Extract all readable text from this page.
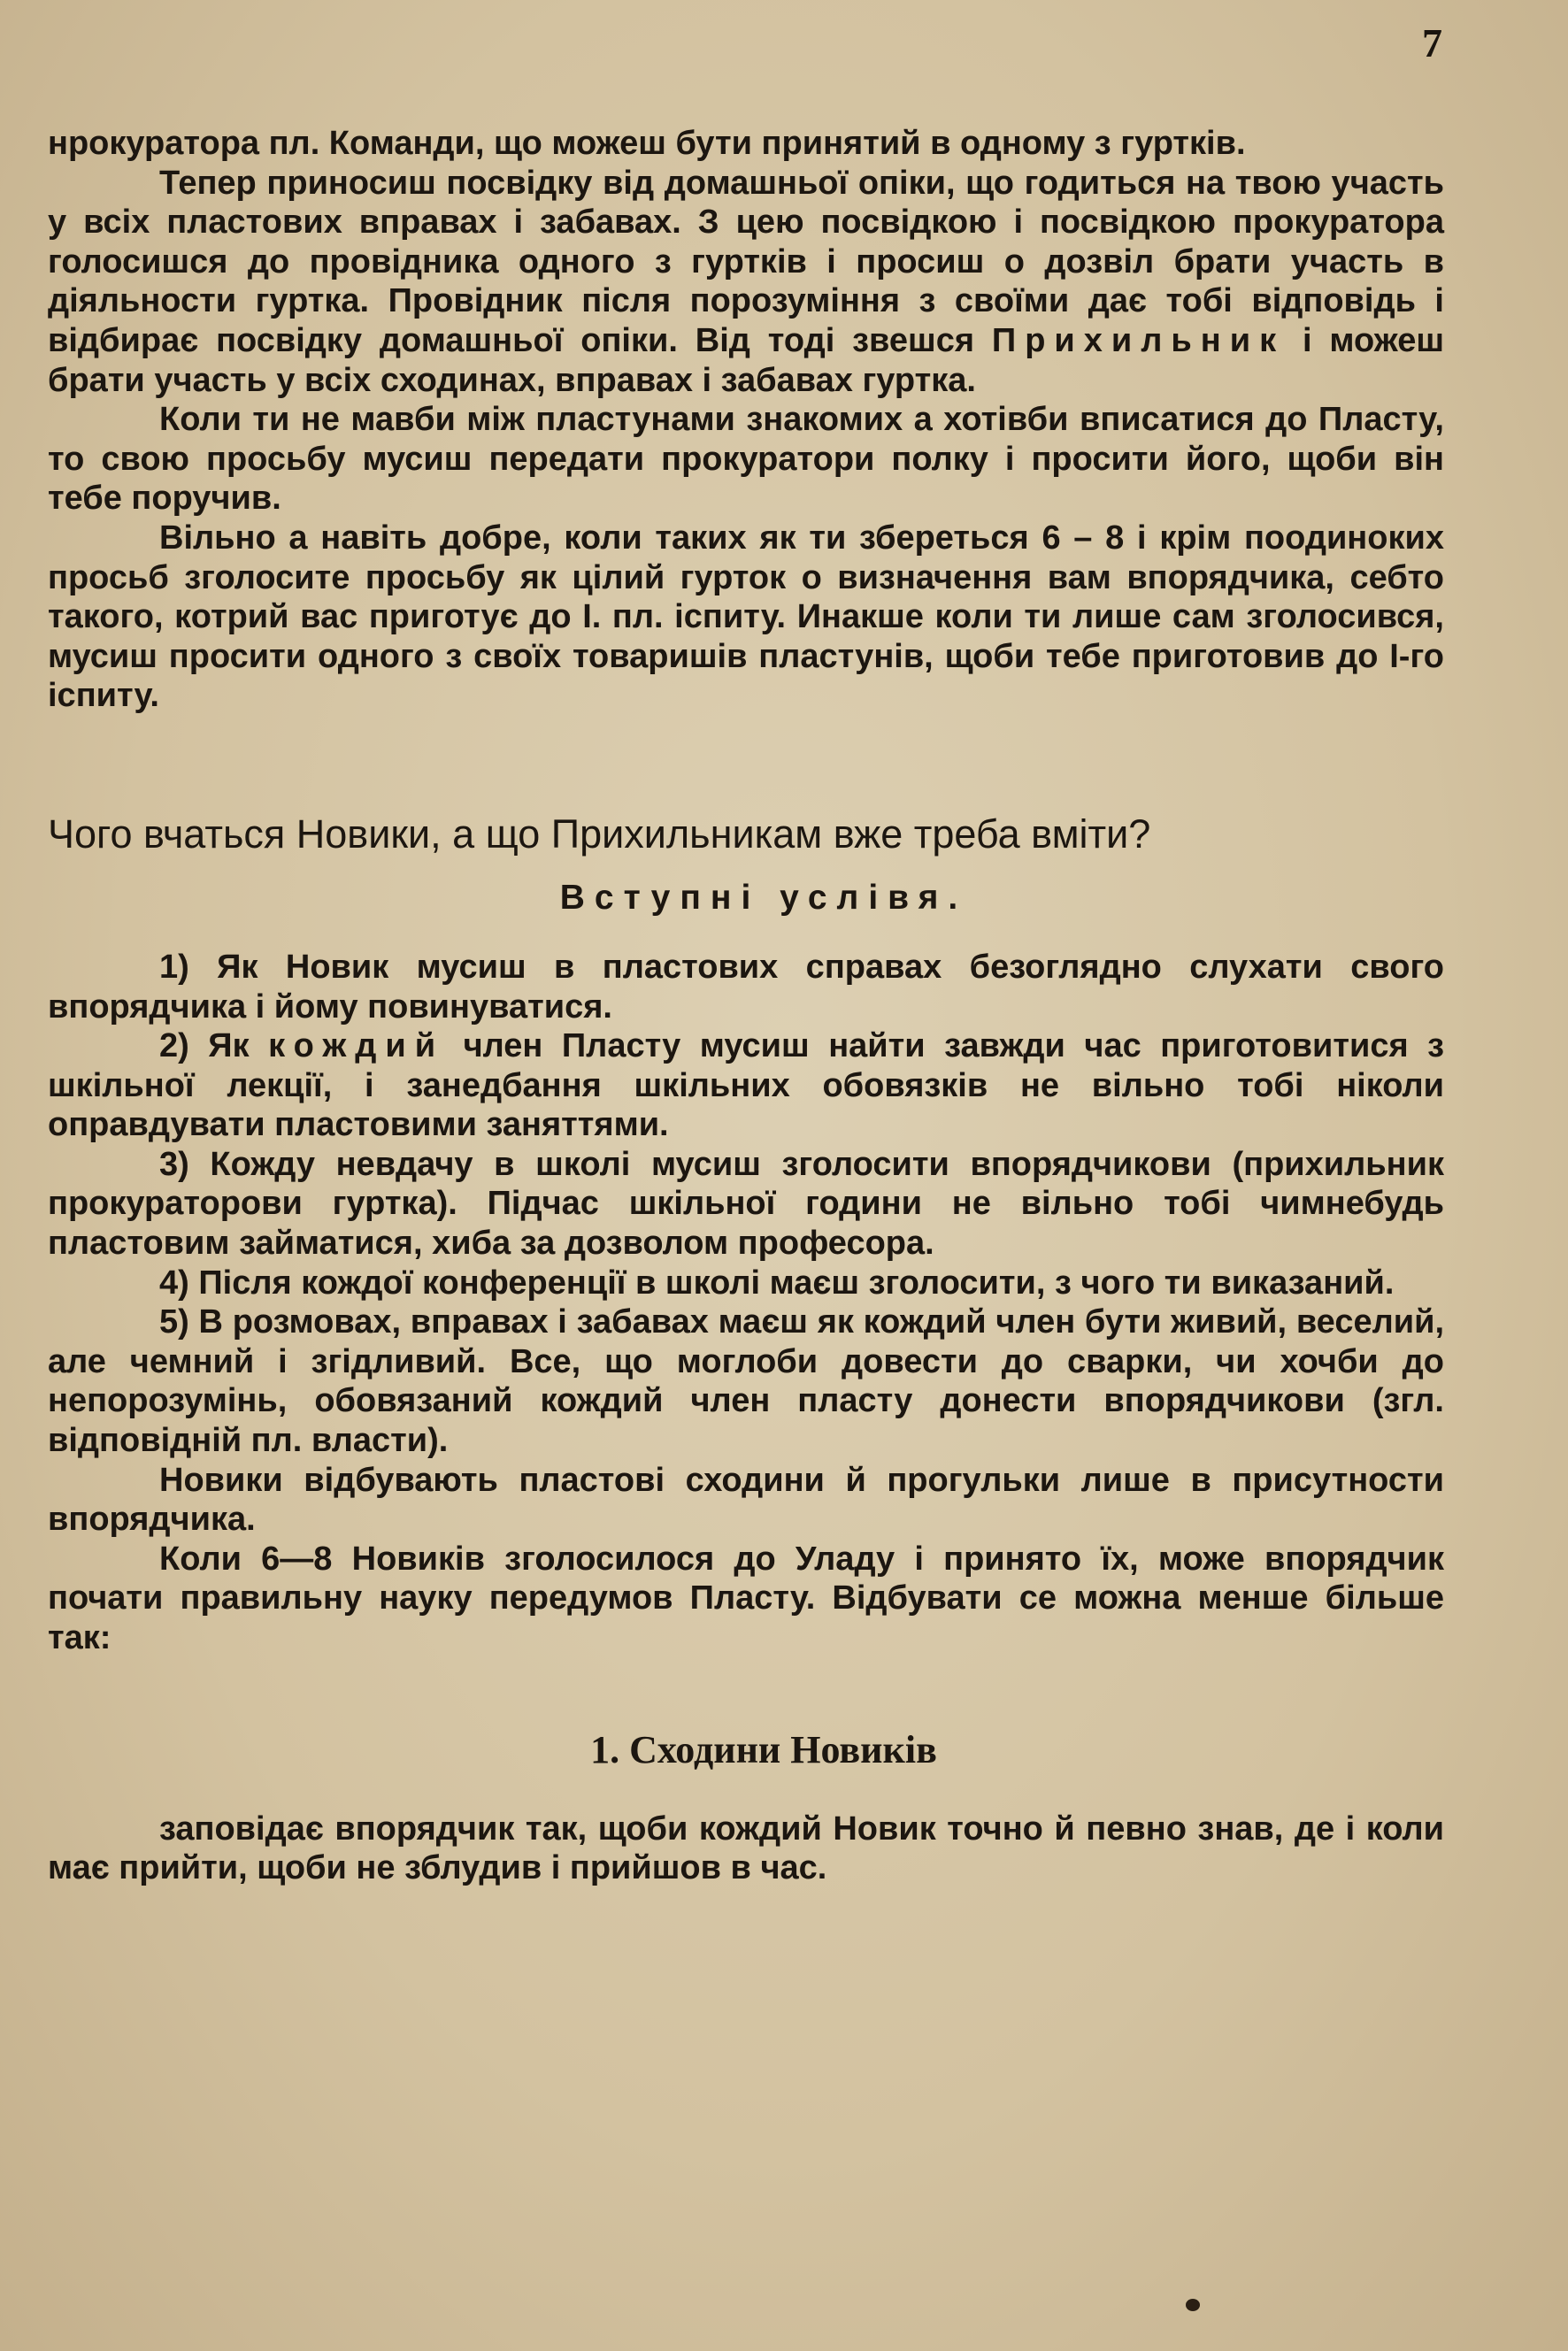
7

нрокуратора пл. Команди, що можеш бути принятий в одному з гуртків.

Тепер приносиш посвідку від домашньої опіки, що годиться на твою участь у всіх пластових вправах і забавах. З цею посвідкою і посвідкою прокуратора голосишся до провідника одного з гуртків і просиш о дозвіл брати участь в діяльности гуртка. Провідник після порозуміння з своїми дає тобі відповідь і відбирає посвідку домашньої опіки. Від тоді звешся Прихильник і можеш брати участь у всіх сходинах, вправах і забавах гуртка.

Коли ти не мавби між пластунами знакомих а хотівби вписатися до Пласту, то свою просьбу мусиш передати прокуратори полку і просити його, щоби він тебе поручив.

Вільно а навіть добре, коли таких як ти збереться 6 – 8 і крім поодиноких просьб зголосите просьбу як цілий гурток о визначення вам впорядчика, себто такого, котрий вас приготує до І. пл. іспиту. Инакше коли ти лише сам зголосився, мусиш просити одного з своїх товаришів пластунів, щоби тебе приготовив до І-го іспиту.

Чого вчаться Новики, а що Прихильникам вже треба вміти?
Вступні услівя.

1) Як Новик мусиш в пластових справах безоглядно слухати свого впорядчика і йому повинуватися.

2) Як кождий член Пласту мусиш найти завжди час приготовитися з шкільної лекції, і занедбання шкільних обовязків не вільно тобі ніколи оправдувати пластовими заняттями.

3) Кожду невдачу в школі мусиш зголосити впорядчикови (прихильник прокураторови гуртка). Підчас шкільної години не вільно тобі чимнебудь пластовим займатися, хиба за дозволом професора.

4) Після кождої конференції в школі маєш зголосити, з чого ти виказаний.

5) В розмовах, вправах і забавах маєш як кождий член бути живий, веселий, але чемний і згідливий. Все, що моглоби довести до сварки, чи хочби до непорозумінь, обовязаний кождий член пласту донести впорядчикови (згл. відповідній пл. власти).

Новики відбувають пластові сходини й прогульки лише в присутности впорядчика.

Коли 6—8 Новиків зголосилося до Уладу і принято їх, може впорядчик почати правильну науку передумов Пласту. Відбувати се можна менше більше так:

1. Сходини Новиків

заповідає впорядчик так, щоби кождий Новик точно й певно знав, де і коли має прийти, щоби не зблудив і прийшов в час.
